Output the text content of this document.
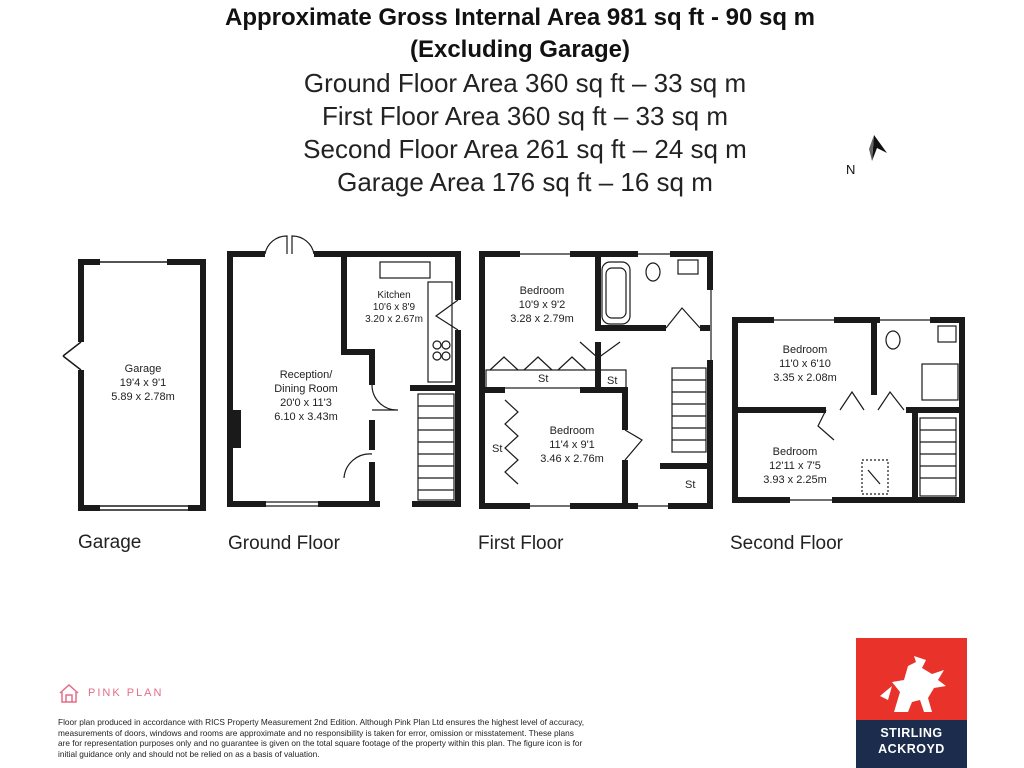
Approximate Gross Internal Area 981 sq ft - 90 sq m
(Excluding Garage)
Ground Floor Area 360 sq ft – 33 sq m
First Floor Area 360 sq ft – 33 sq m
Second Floor Area 261 sq ft – 24 sq m
Garage Area 176 sq ft – 16 sq m	N
Garage
19'4 x 9'1
5.89 x 2.78m
Kitchen
10'6 x 8'9
3.20 x 2.67m
Reception/
Dining Room
20'0 x 11'3
6.10 x 3.43m
Bedroom
10'9 x 9'2
3.28 x 2.79m
Bedroom
11'4 x 9'1
3.46 x 2.76m
St	St
St
St
Bedroom
11'0 x 6'10
3.35 x 2.08m
Bedroom
12'11 x 7'5
3.93 x 2.25m
Garage	Ground Floor	First Floor	Second Floor
PINK PLAN
Floor plan produced in accordance with RICS Property Measurement 2nd Edition. Although Pink Plan Ltd ensures the highest level of accuracy, measurements of doors, windows and rooms are approximate and no responsibility is taken for error, omission or misstatement. These plans are for representation purposes only and no guarantee is given on the total square footage of the property within this plan. The figure icon is for initial guidance only and should not be relied on as a basis of valuation.
STIRLING
ACKROYD
